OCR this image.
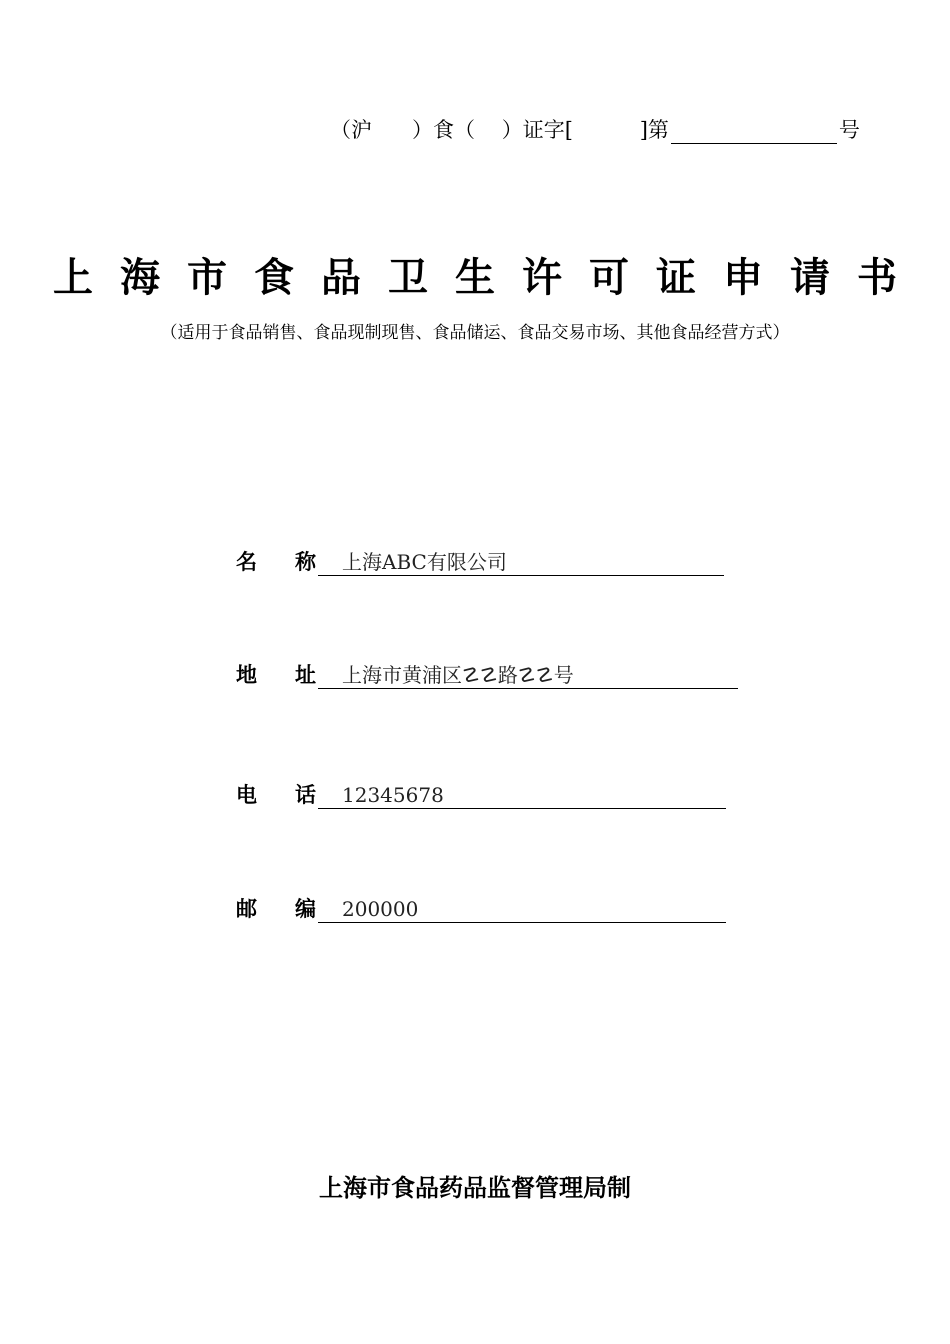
（沪      ）食（    ）证字[          ]第	号
上海市食品卫生许可证申请书
（适用于食品销售、食品现制现售、食品储运、食品交易市场、其他食品经营方式）
名 称	上海ABC有限公司
地 址	上海市黄浦区☡☡路☡☡号
电 话	12345678
邮 编	200000
上海市食品药品监督管理局制
